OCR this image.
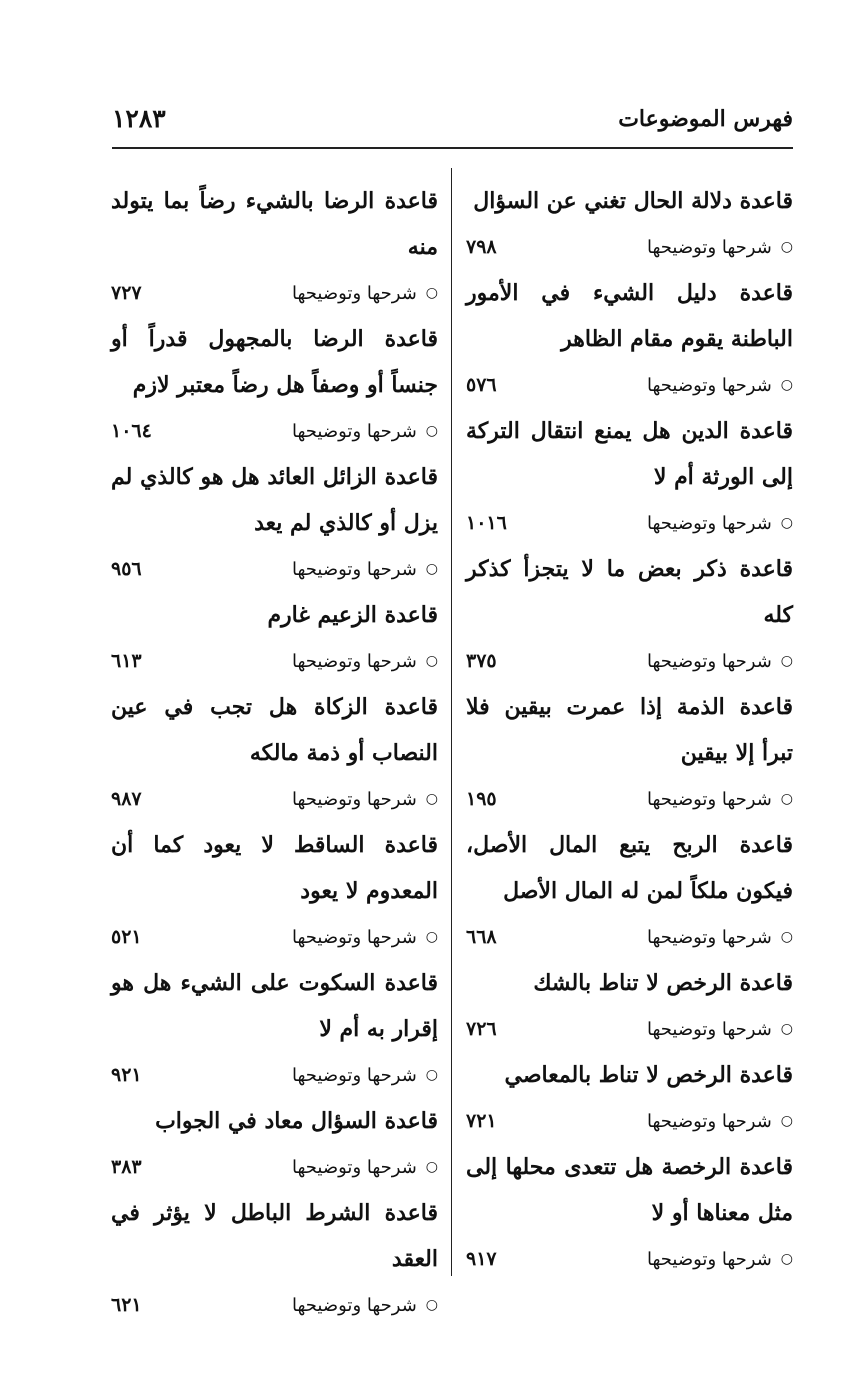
فهرس الموضوعات
١٢٨٣
قاعدة دلالة الحال تغني عن السؤال
○
شرحها وتوضيحها
٧٩٨
قاعدة دليل الشيء في الأمور الباطنة يقوم مقام الظاهر
○
شرحها وتوضيحها
٥٧٦
قاعدة الدين هل يمنع انتقال التركة إلى الورثة أم لا
○
شرحها وتوضيحها
١٠١٦
قاعدة ذكر بعض ما لا يتجزأ كذكر كله
○
شرحها وتوضيحها
٣٧٥
قاعدة الذمة إذا عمرت بيقين فلا تبرأ إلا بيقين
○
شرحها وتوضيحها
١٩٥
قاعدة الربح يتبع المال الأصل، فيكون ملكاً لمن له المال الأصل
○
شرحها وتوضيحها
٦٦٨
قاعدة الرخص لا تناط بالشك
○
شرحها وتوضيحها
٧٢٦
قاعدة الرخص لا تناط بالمعاصي
○
شرحها وتوضيحها
٧٢١
قاعدة الرخصة هل تتعدى محلها إلى مثل معناها أو لا
○
شرحها وتوضيحها
٩١٧
قاعدة الرضا بالشيء رضاً بما يتولد منه
○
شرحها وتوضيحها
٧٢٧
قاعدة الرضا بالمجهول قدراً أو جنساً أو وصفاً هل رضاً معتبر لازم
○
شرحها وتوضيحها
١٠٦٤
قاعدة الزائل العائد هل هو كالذي لم يزل أو كالذي لم يعد
○
شرحها وتوضيحها
٩٥٦
قاعدة الزعيم غارم
○
شرحها وتوضيحها
٦١٣
قاعدة الزكاة هل تجب في عين النصاب أو ذمة مالكه
○
شرحها وتوضيحها
٩٨٧
قاعدة الساقط لا يعود كما أن المعدوم لا يعود
○
شرحها وتوضيحها
٥٢١
قاعدة السكوت على الشيء هل هو إقرار به أم لا
○
شرحها وتوضيحها
٩٢١
قاعدة السؤال معاد في الجواب
○
شرحها وتوضيحها
٣٨٣
قاعدة الشرط الباطل لا يؤثر في العقد
○
شرحها وتوضيحها
٦٢١
